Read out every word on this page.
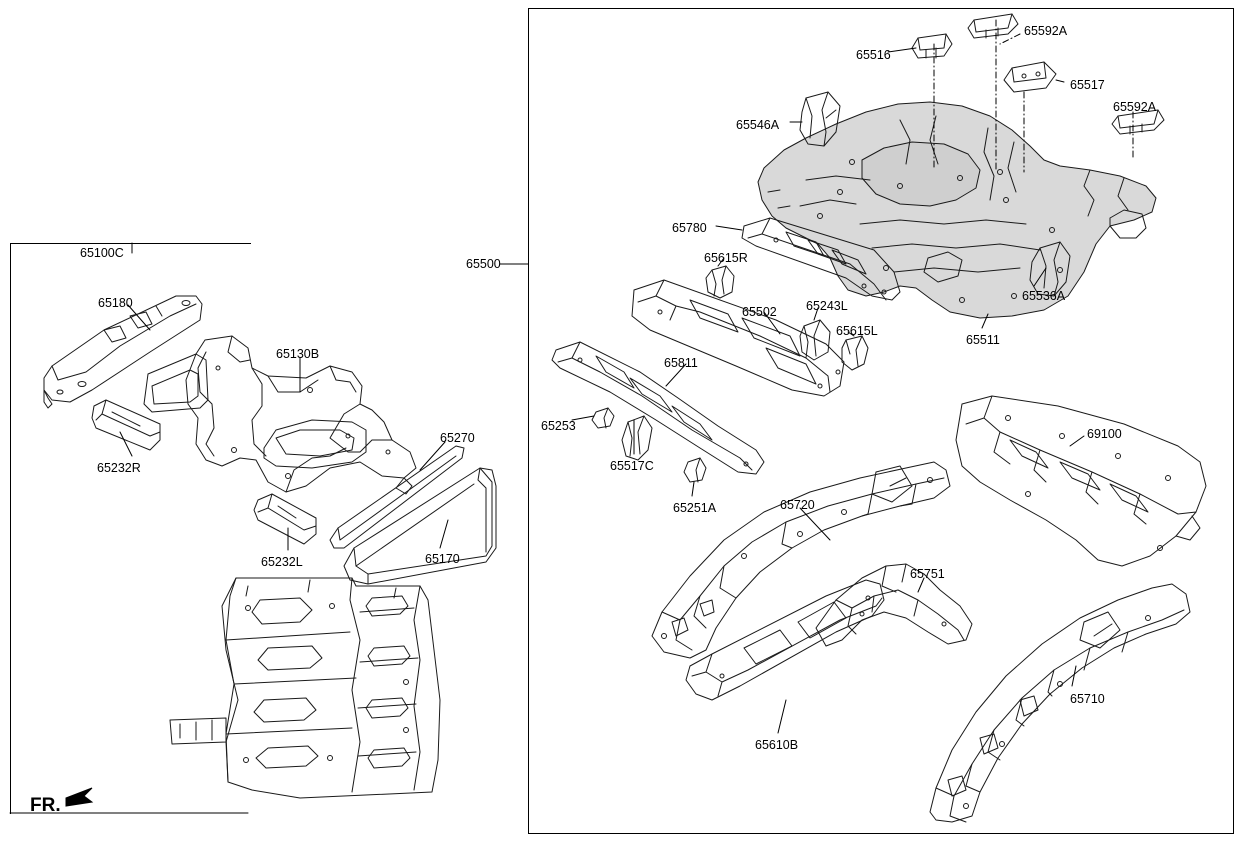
65100C
65500
65592A
65516
65517
65592A
65546A
65780
65615R
65536A
65502 65243L
65615L
65511
65811
65253
65517C
65251A	65720
69100
65751
65710
65610B
65180
65130B
65232R
65270
65232L	65170
FR.
